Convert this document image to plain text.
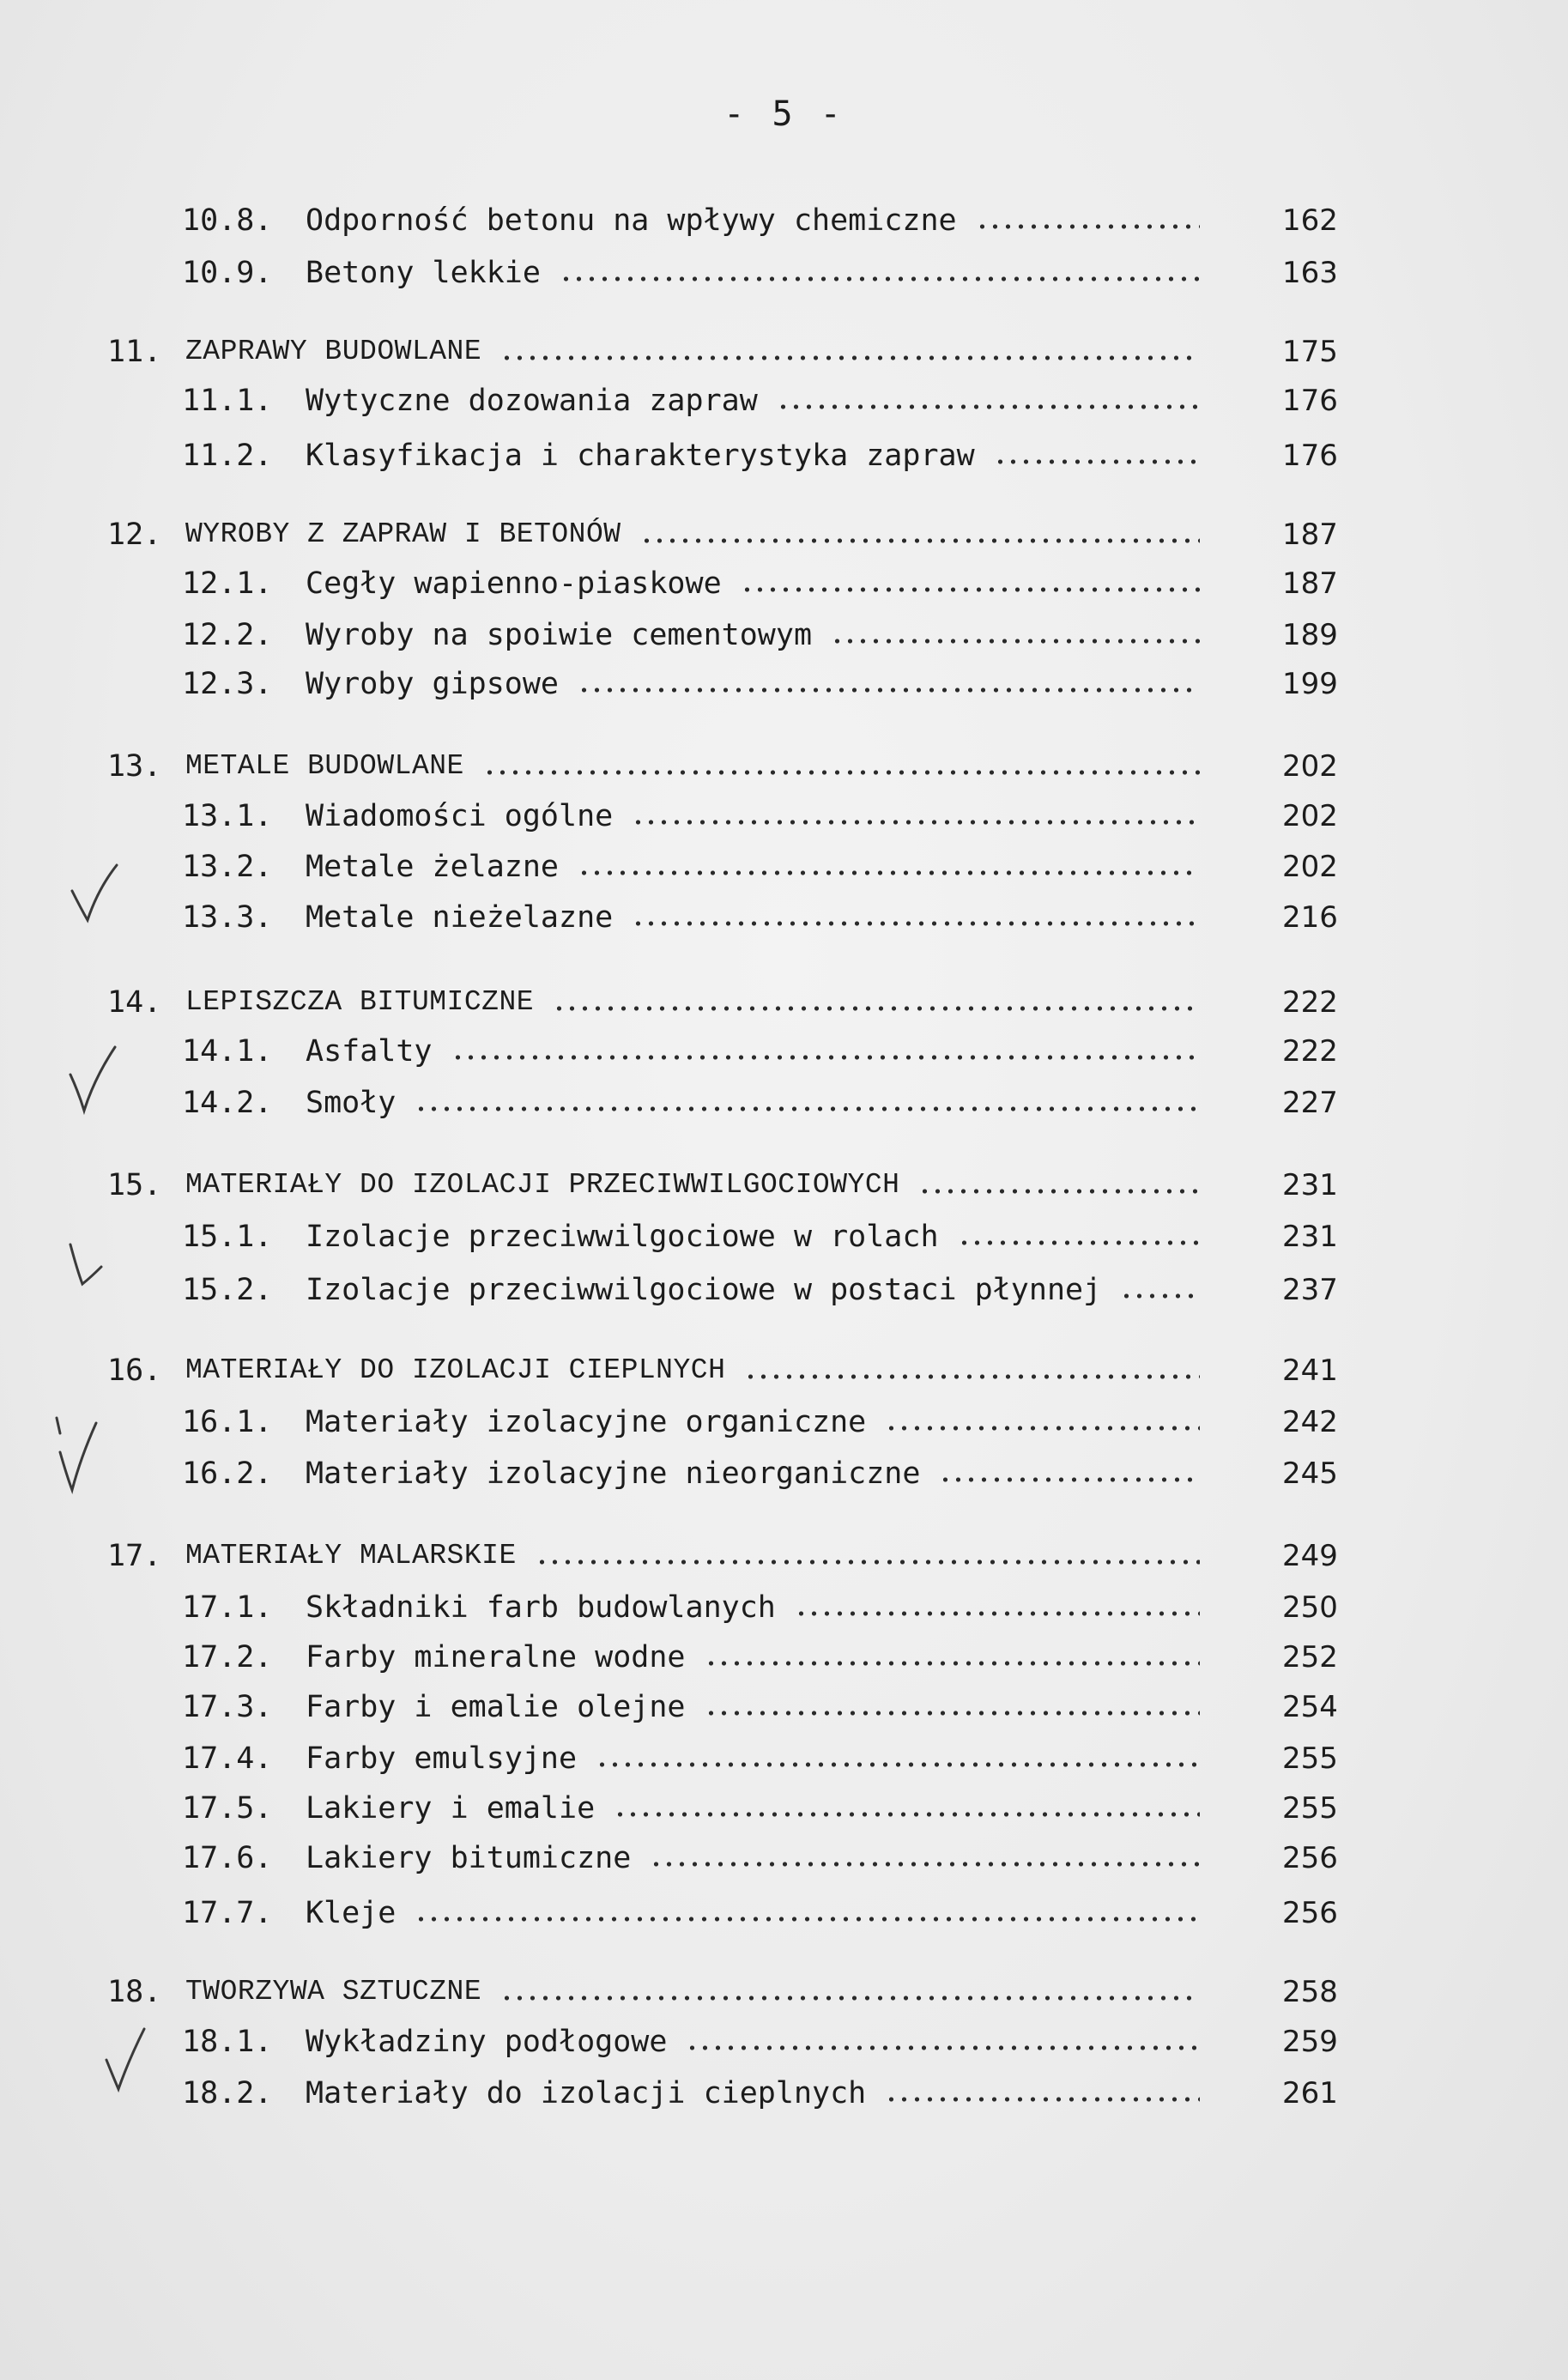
- 5 -
10.8. Odporność betonu na wpływy chemiczne	162
10.9. Betony lekkie	163
11. ZAPRAWY BUDOWLANE	175
11.1. Wytyczne dozowania zapraw	176
11.2. Klasyfikacja i charakterystyka zapraw	176
12. WYROBY Z ZAPRAW I BETONÓW	187
12.1. Cegły wapienno-piaskowe	187
12.2. Wyroby na spoiwie cementowym	189
12.3. Wyroby gipsowe	199
13. METALE BUDOWLANE	202
13.1. Wiadomości ogólne	202
13.2. Metale żelazne	202
13.3. Metale nieżelazne	216
14. LEPISZCZA BITUMICZNE	222
14.1. Asfalty	222
14.2. Smoły	227
15. MATERIAŁY DO IZOLACJI PRZECIWWILGOCIOWYCH	231
15.1. Izolacje przeciwwilgociowe w rolach	231
15.2. Izolacje przeciwwilgociowe w postaci płynnej	237
16. MATERIAŁY DO IZOLACJI CIEPLNYCH	241
16.1. Materiały izolacyjne organiczne	242
16.2. Materiały izolacyjne nieorganiczne	245
17. MATERIAŁY MALARSKIE	249
17.1. Składniki farb budowlanych	250
17.2. Farby mineralne wodne	252
17.3. Farby i emalie olejne	254
17.4. Farby emulsyjne	255
17.5. Lakiery i emalie	255
17.6. Lakiery bitumiczne	256
17.7. Kleje	256
18. TWORZYWA SZTUCZNE	258
18.1. Wykładziny podłogowe	259
18.2. Materiały do izolacji cieplnych	261
